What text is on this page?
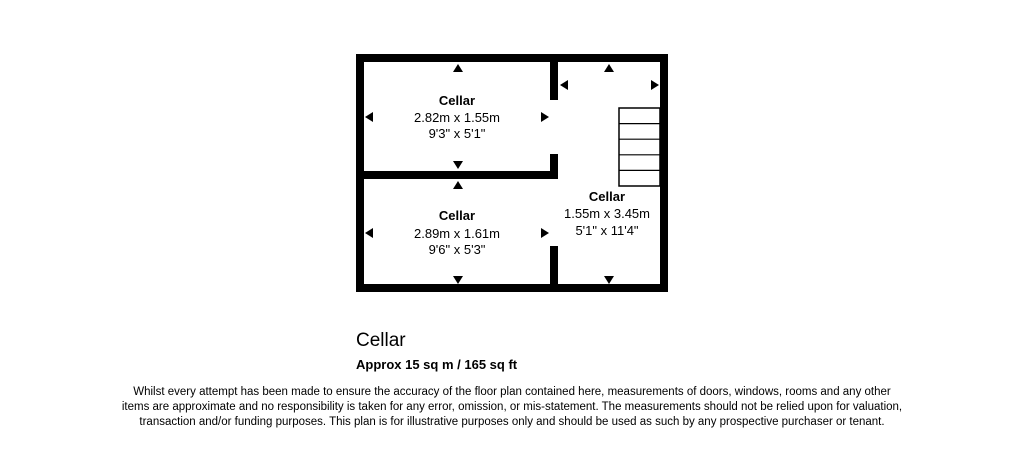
Cellar
2.82m x 1.55m
9'3" x 5'1"
Cellar
2.89m x 1.61m
9'6" x 5'3"
Cellar
1.55m x 3.45m
5'1" x 11'4"

Cellar

Approx 15 sq m / 165 sq ft

Whilst every attempt has been made to ensure the accuracy of the floor plan contained here, measurements of doors, windows, rooms and any other items are approximate and no responsibility is taken for any error, omission, or mis-statement. The measurements should not be relied upon for valuation, transaction and/or funding purposes. This plan is for illustrative purposes only and should be used as such by any prospective purchaser or tenant.
